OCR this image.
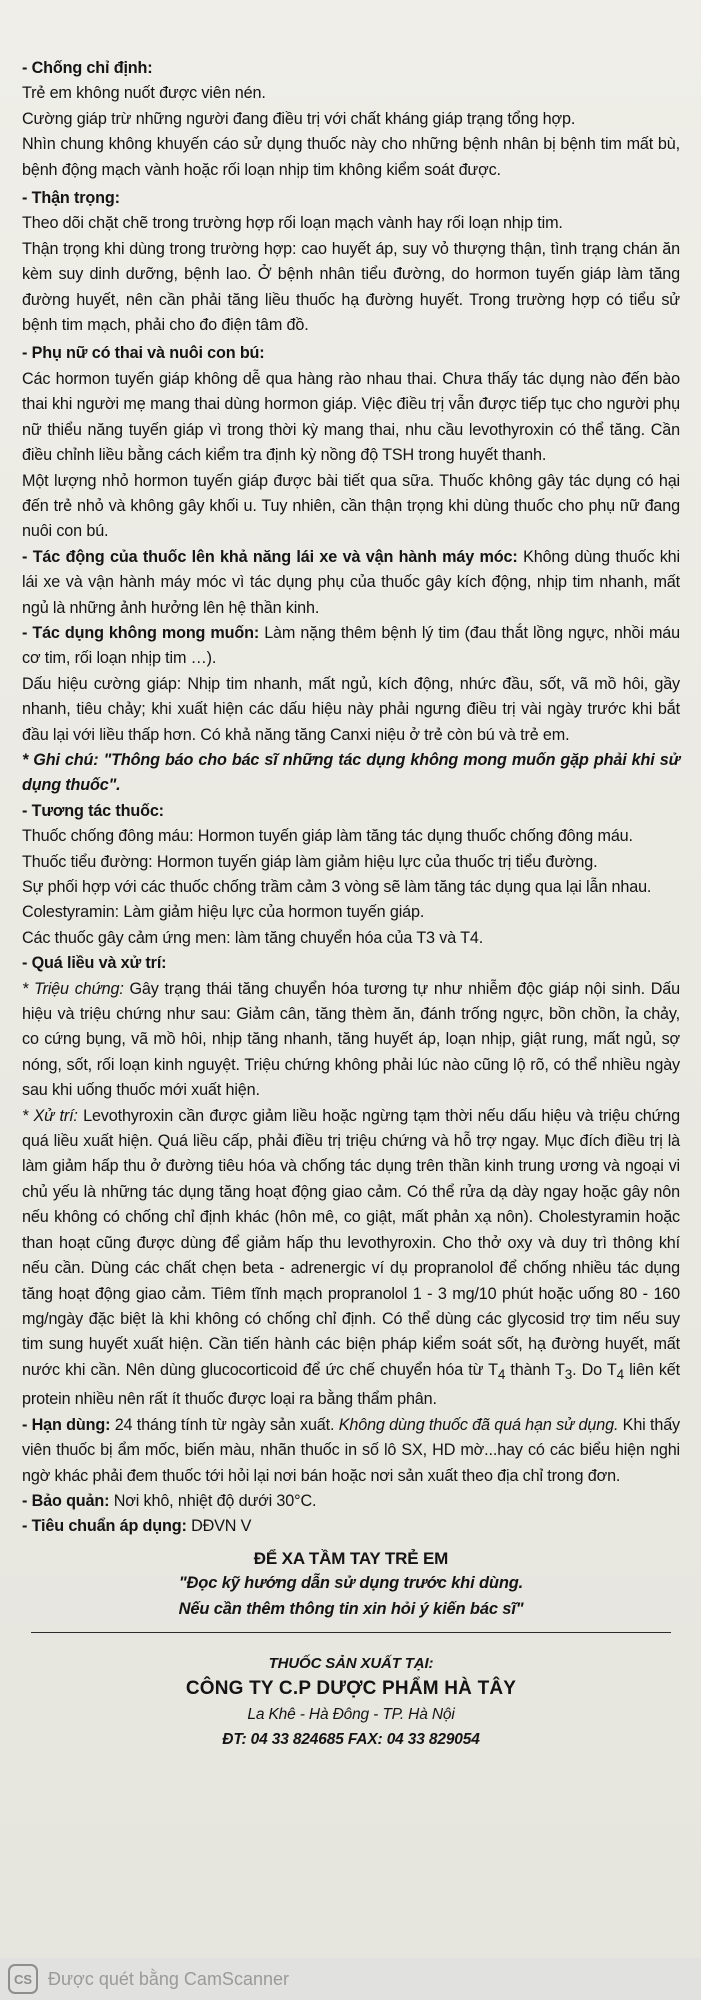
- Chống chỉ định:

Trẻ em không nuốt được viên nén.

Cường giáp trừ những người đang điều trị với chất kháng giáp trạng tổng hợp.

Nhìn chung không khuyến cáo sử dụng thuốc này cho những bệnh nhân bị bệnh tim mất bù, bệnh động mạch vành hoặc rối loạn nhịp tim không kiểm soát được.

- Thận trọng:

Theo dõi chặt chẽ trong trường hợp rối loạn mạch vành hay rối loạn nhịp tim.

Thận trọng khi dùng trong trường hợp: cao huyết áp, suy vỏ thượng thận, tình trạng chán ăn kèm suy dinh dưỡng, bệnh lao. Ở bệnh nhân tiểu đường, do hormon tuyến giáp làm tăng đường huyết, nên cần phải tăng liều thuốc hạ đường huyết. Trong trường hợp có tiểu sử bệnh tim mạch, phải cho đo điện tâm đồ.

- Phụ nữ có thai và nuôi con bú:

Các hormon tuyến giáp không dễ qua hàng rào nhau thai. Chưa thấy tác dụng nào đến bào thai khi người mẹ mang thai dùng hormon giáp. Việc điều trị vẫn được tiếp tục cho người phụ nữ thiểu năng tuyến giáp vì trong thời kỳ mang thai, nhu cầu levothyroxin có thể tăng. Cần điều chỉnh liều bằng cách kiểm tra định kỳ nồng độ TSH trong huyết thanh.

Một lượng nhỏ hormon tuyến giáp được bài tiết qua sữa. Thuốc không gây tác dụng có hại đến trẻ nhỏ và không gây khối u. Tuy nhiên, cần thận trọng khi dùng thuốc cho phụ nữ đang nuôi con bú.

- Tác động của thuốc lên khả năng lái xe và vận hành máy móc: Không dùng thuốc khi lái xe và vận hành máy móc vì tác dụng phụ của thuốc gây kích động, nhịp tim nhanh, mất ngủ là những ảnh hưởng lên hệ thần kinh.

- Tác dụng không mong muốn: Làm nặng thêm bệnh lý tim (đau thắt lồng ngực, nhồi máu cơ tim, rối loạn nhịp tim …).

Dấu hiệu cường giáp: Nhịp tim nhanh, mất ngủ, kích động, nhức đầu, sốt, vã mồ hôi, gầy nhanh, tiêu chảy; khi xuất hiện các dấu hiệu này phải ngưng điều trị vài ngày trước khi bắt đầu lại với liều thấp hơn. Có khả năng tăng Canxi niệu ở trẻ còn bú và trẻ em.

* Ghi chú: "Thông báo cho bác sĩ những tác dụng không mong muốn gặp phải khi sử dụng thuốc".

- Tương tác thuốc:

Thuốc chống đông máu: Hormon tuyến giáp làm tăng tác dụng thuốc chống đông máu.

Thuốc tiểu đường: Hormon tuyến giáp làm giảm hiệu lực của thuốc trị tiểu đường.

Sự phối hợp với các thuốc chống trầm cảm 3 vòng sẽ làm tăng tác dụng qua lại lẫn nhau.

Colestyramin: Làm giảm hiệu lực của hormon tuyến giáp.

Các thuốc gây cảm ứng men: làm tăng chuyển hóa của T3 và T4.

- Quá liều và xử trí:

* Triệu chứng: Gây trạng thái tăng chuyển hóa tương tự như nhiễm độc giáp nội sinh. Dấu hiệu và triệu chứng như sau: Giảm cân, tăng thèm ăn, đánh trống ngực, bồn chồn, ỉa chảy, co cứng bụng, vã mồ hôi, nhịp tăng nhanh, tăng huyết áp, loạn nhịp, giật rung, mất ngủ, sợ nóng, sốt, rối loạn kinh nguyệt. Triệu chứng không phải lúc nào cũng lộ rõ, có thể nhiều ngày sau khi uống thuốc mới xuất hiện.

* Xử trí: Levothyroxin cần được giảm liều hoặc ngừng tạm thời nếu dấu hiệu và triệu chứng quá liều xuất hiện. Quá liều cấp, phải điều trị triệu chứng và hỗ trợ ngay. Mục đích điều trị là làm giảm hấp thu ở đường tiêu hóa và chống tác dụng trên thần kinh trung ương và ngoại vi chủ yếu là những tác dụng tăng hoạt động giao cảm. Có thể rửa dạ dày ngay hoặc gây nôn nếu không có chống chỉ định khác (hôn mê, co giật, mất phản xạ nôn). Cholestyramin hoặc than hoạt cũng được dùng để giảm hấp thu levothyroxin. Cho thở oxy và duy trì thông khí nếu cần. Dùng các chất chẹn beta - adrenergic ví dụ propranolol để chống nhiều tác dụng tăng hoạt động giao cảm. Tiêm tĩnh mạch propranolol 1 - 3 mg/10 phút hoặc uống 80 - 160 mg/ngày đặc biệt là khi không có chống chỉ định. Có thể dùng các glycosid trợ tim nếu suy tim sung huyết xuất hiện. Cần tiến hành các biện pháp kiểm soát sốt, hạ đường huyết, mất nước khi cần. Nên dùng glucocorticoid để ức chế chuyển hóa từ $T_4$ thành $T_3$. Do $T_4$ liên kết protein nhiều nên rất ít thuốc được loại ra bằng thẩm phân.

- Hạn dùng: 24 tháng tính từ ngày sản xuất. Không dùng thuốc đã quá hạn sử dụng. Khi thấy viên thuốc bị ẩm mốc, biến màu, nhãn thuốc in số lô SX, HD mờ...hay có các biểu hiện nghi ngờ khác phải đem thuốc tới hỏi lại nơi bán hoặc nơi sản xuất theo địa chỉ trong đơn.

- Bảo quản: Nơi khô, nhiệt độ dưới 30°C.

- Tiêu chuẩn áp dụng: DĐVN V

ĐỂ XA TẦM TAY TRẺ EM

"Đọc kỹ hướng dẫn sử dụng trước khi dùng.

Nếu cần thêm thông tin xin hỏi ý kiến bác sĩ"

THUỐC SẢN XUẤT TẠI:

CÔNG TY C.P DƯỢC PHẨM HÀ TÂY

La Khê - Hà Đông - TP. Hà Nội

ĐT: 04 33 824685 FAX: 04 33 829054

CS Được quét bằng CamScanner
